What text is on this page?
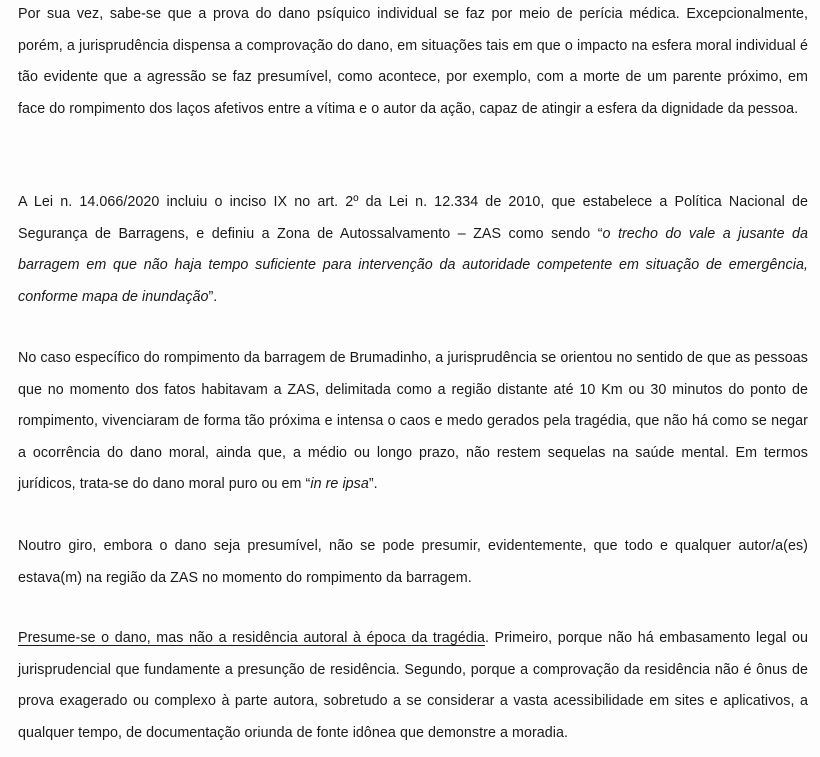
Por sua vez, sabe-se que a prova do dano psíquico individual se faz por meio de perícia médica. Excepcionalmente, porém, a jurisprudência dispensa a comprovação do dano, em situações tais em que o impacto na esfera moral individual é tão evidente que a agressão se faz presumível, como acontece, por exemplo, com a morte de um parente próximo, em face do rompimento dos laços afetivos entre a vítima e o autor da ação, capaz de atingir a esfera da dignidade da pessoa.

A Lei n. 14.066/2020 incluiu o inciso IX no art. 2º da Lei n. 12.334 de 2010, que estabelece a Política Nacional de Segurança de Barragens, e definiu a Zona de Autossalvamento – ZAS como sendo “o trecho do vale a jusante da barragem em que não haja tempo suficiente para intervenção da autoridade competente em situação de emergência, conforme mapa de inundação”.

No caso específico do rompimento da barragem de Brumadinho, a jurisprudência se orientou no sentido de que as pessoas que no momento dos fatos habitavam a ZAS, delimitada como a região distante até 10 Km ou 30 minutos do ponto de rompimento, vivenciaram de forma tão próxima e intensa o caos e medo gerados pela tragédia, que não há como se negar a ocorrência do dano moral, ainda que, a médio ou longo prazo, não restem sequelas na saúde mental. Em termos jurídicos, trata-se do dano moral puro ou em “in re ipsa”.

Noutro giro, embora o dano seja presumível, não se pode presumir, evidentemente, que todo e qualquer autor/a(es) estava(m) na região da ZAS no momento do rompimento da barragem.

Presume-se o dano, mas não a residência autoral à época da tragédia. Primeiro, porque não há embasamento legal ou jurisprudencial que fundamente a presunção de residência. Segundo, porque a comprovação da residência não é ônus de prova exagerado ou complexo à parte autora, sobretudo a se considerar a vasta acessibilidade em sites e aplicativos, a qualquer tempo, de documentação oriunda de fonte idônea que demonstre a moradia.
